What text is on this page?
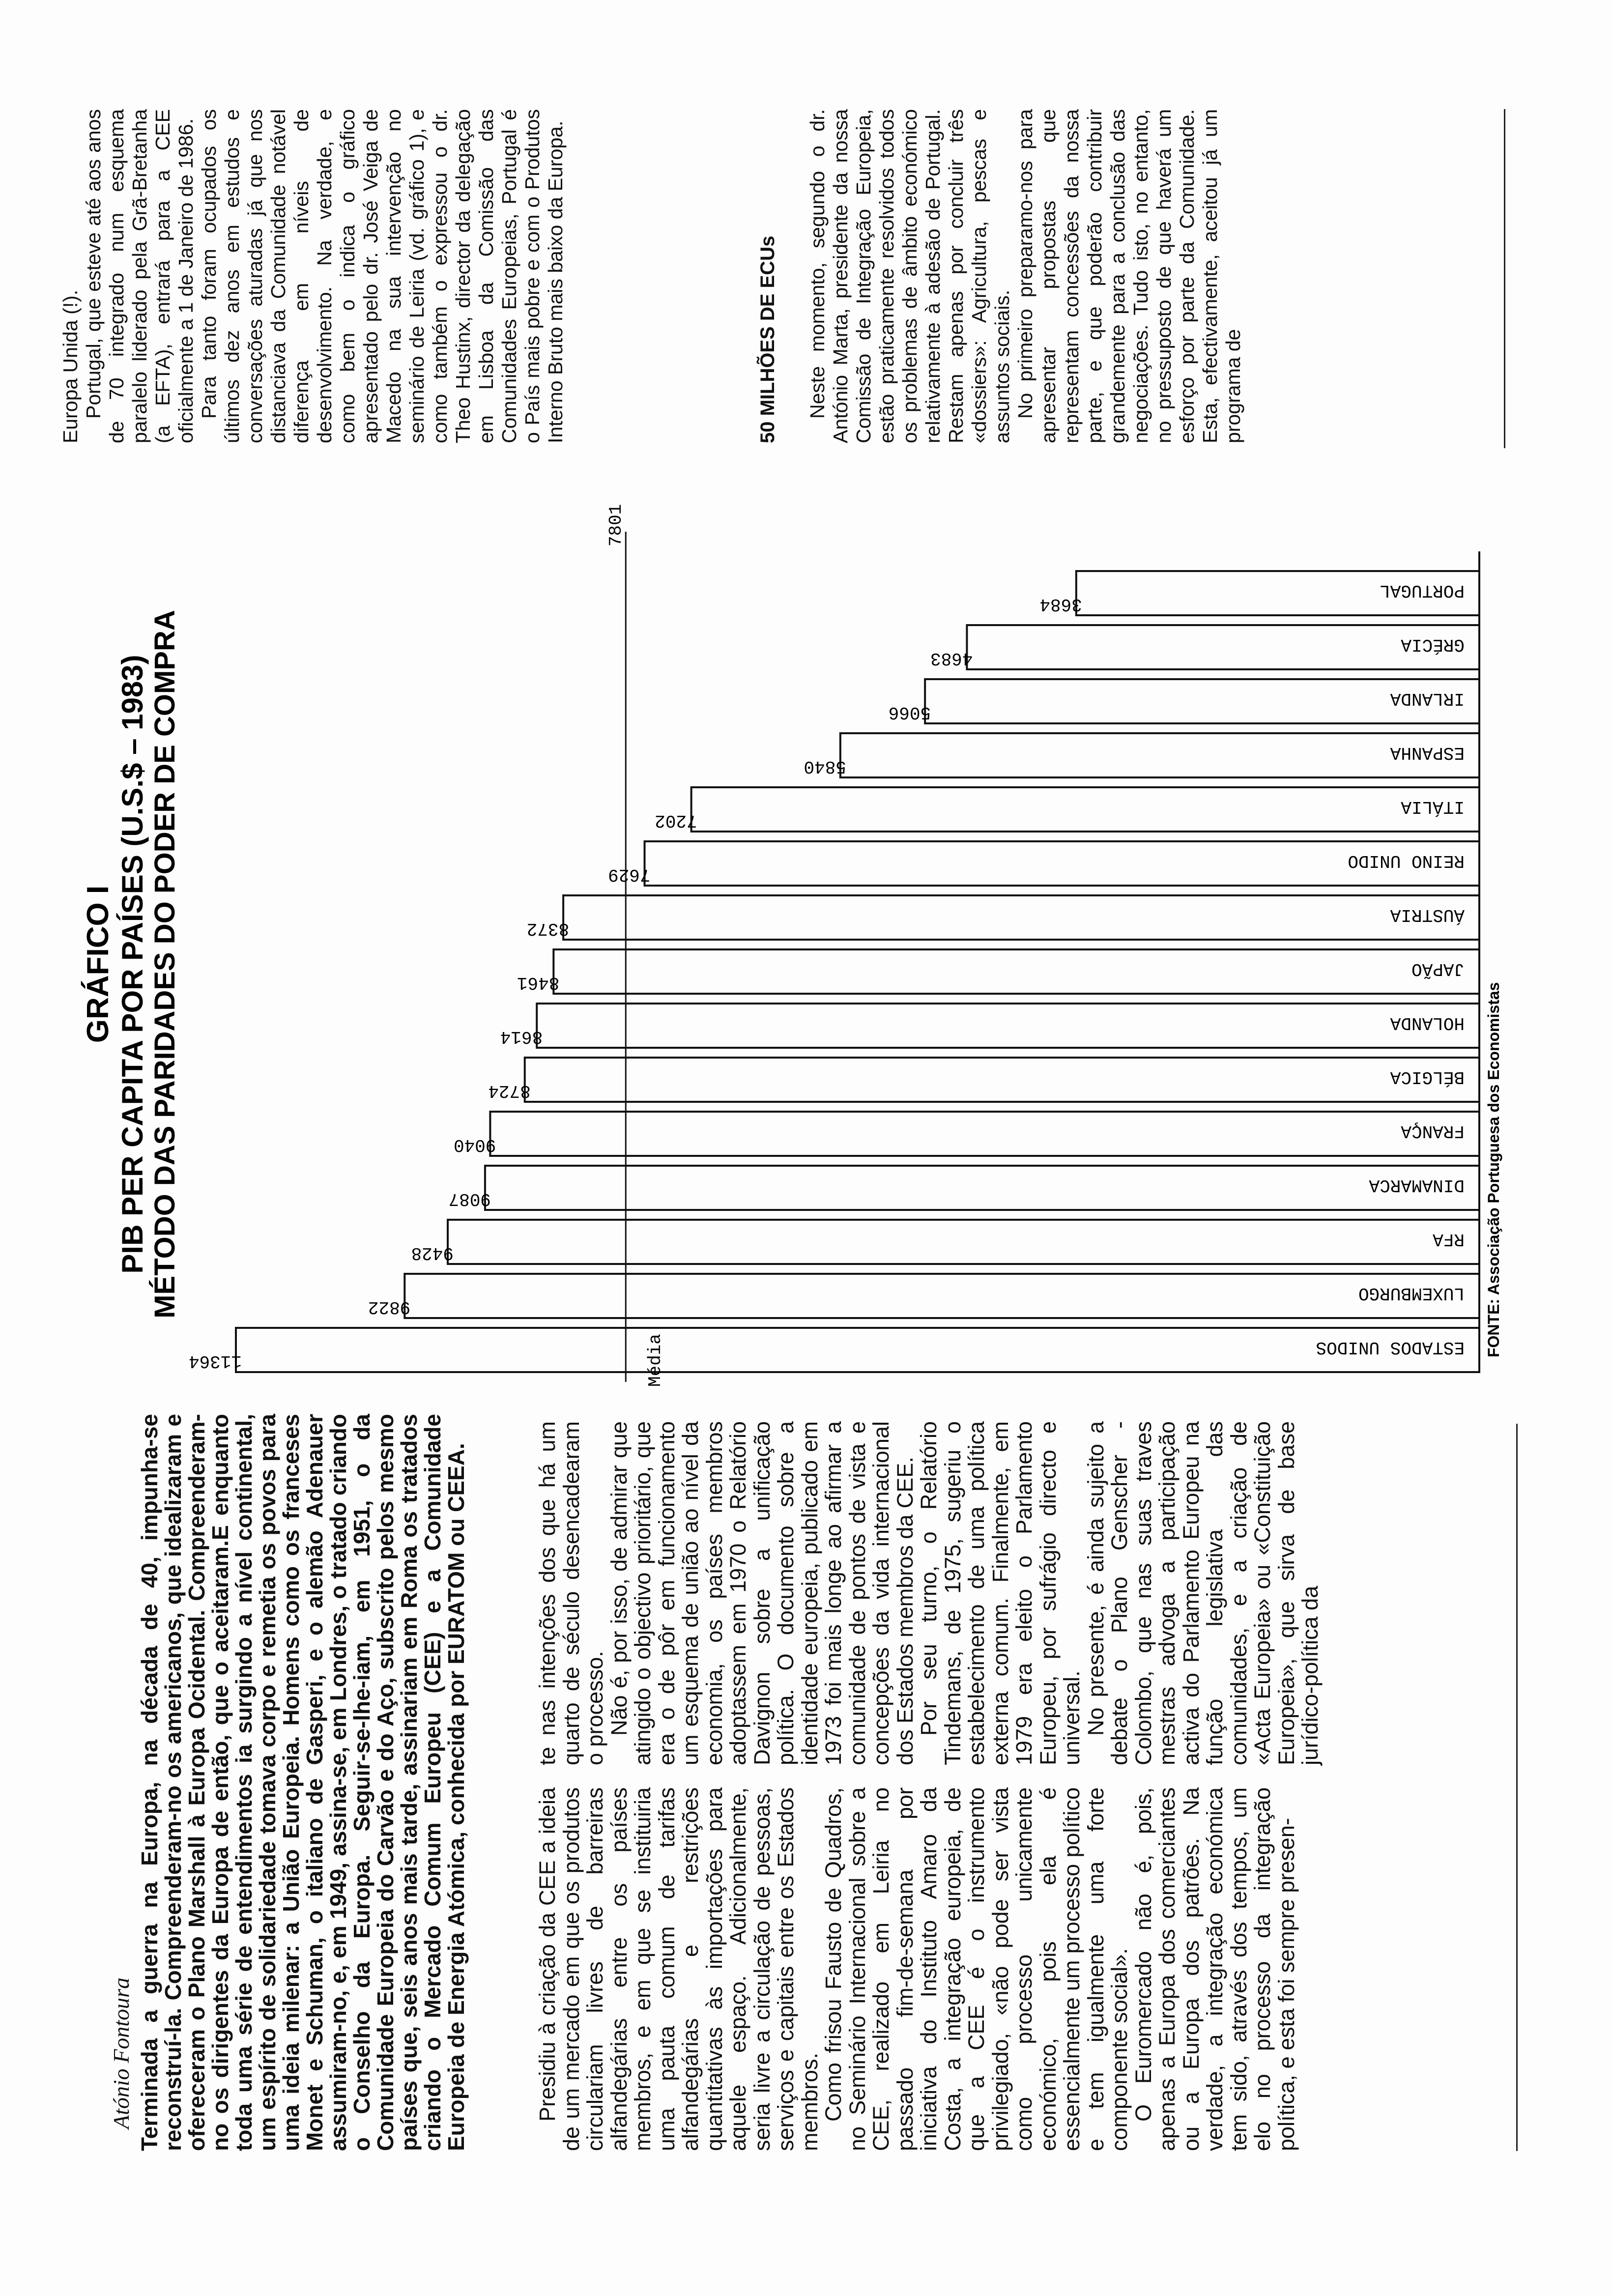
Atónio Fontoura Terminada a guerra na Europa, na década de 40, impunha-se reconstruí-la. Compreenderam-no os americanos, que idealizaram e ofereceram o Plano Marshall à Europa Ocidental. Compreenderam-no os dirigentes da Europa de então, que o aceitaram.E enquanto toda uma série de entendimentos ia surgindo a nível continental, um espírito de solidariedade tomava corpo e remetia os povos para uma ideia milenar: a União Europeia. Homens como os franceses Monet e Schuman, o italiano de Gasperi, e o alemão Adenauer assumiram-no, e, em 1949, assina-se, em Londres, o tratado criando o Conselho da Europa. Seguir-se-lhe-iam, em 1951, o da Comunidade Europeia do Carvão e do Aço, subscrito pelos mesmo países que, seis anos mais tarde, assinariam em Roma os tratados criando o Mercado Comum Europeu (CEE) e a Comunidade Europeia de Energia Atómica, conhecida por EURATOM ou CEEA.	Presidiu à criação da CEE a ideia de um mercado em que os produtos circulariam livres de barreiras alfandegárias entre os países membros, e em que se instituiria uma pauta comum de tarifas alfandegárias e restrições quantitativas às importações para aquele espaço. Adicionalmente, seria livre a circulação de pessoas, serviços e capitais entre os Estados membros.

Como frisou Fausto de Quadros, no Seminário Internacional sobre a CEE, realizado em Leiria no passado fim-de-semana por iniciativa do Instituto Amaro da Costa, a integração europeia, de que a CEE é o instrumento privilegiado, «não pode ser vista como processo unicamente económico, pois ela é essencialmente um processo político e tem igualmente uma forte componente social».

O Euromercado não é, pois, apenas a Europa dos comerciantes ou a Europa dos patrões. Na verdade, a integração económica tem sido, através dos tempos, um elo no processo da integração política, e esta foi sempre presen-

te nas intenções dos que há um quarto de século desencadearam o processo.

Não é, por isso, de admirar que atingido o objectivo prioritário, que era o de pôr em funcionamento um esquema de união ao nível da economia, os países membros adoptassem em 1970 o Relatório Davignon sobre a unificação política. O documento sobre a identidade europeia, publicado em 1973 foi mais longe ao afirmar a comunidade de pontos de vista e concepções da vida internacional dos Estados membros da CEE.

Por seu turno, o Relatório Tindemans, de 1975, sugeriu o estabelecimento de uma política externa comum. Finalmente, em 1979 era eleito o Parlamento Europeu, por sufrágio directo e universal.

No presente, é ainda sujeito a debate o Plano Genscher - Colombo, que nas suas traves mestras advoga a participação activa do Parlamento Europeu na função legislativa das comunidades, e a criação de «Acta Europeia» ou «Constituição Europeia», que sirva de base jurídico-política da

GRÁFICO I PIB PER CAPITA POR PAÍSES (U.S.$ – 1983) MÉTODO DAS PARIDADES DO PODER DE COMPRA
11364
ESTADOS UNIDOS
9822
LUXEMBURGO
9428
RFA
9087
DINAMARCA
9040
FRANÇA
8724
BÉLGICA
8614
HOLANDA
8461
JAPÃO
8372
ÁUSTRIA
7629
REINO UNIDO
7202
ITÁLIA
5840
ESPANHA
5066
IRLANDA
4683
GRÉCIA
3684
PORTUGAL
Média
7801
FONTE: Associação Portuguesa dos Economistas

Europa Unida (!). Portugal, que esteve até aos anos de 70 integrado num esquema paralelo liderado pela Grã-Bretanha (a EFTA), entrará para a CEE oficialmente a 1 de Janeiro de 1986. Para tanto foram ocupados os últimos dez anos em estudos e conversações aturadas já que nos distanciava da Comunidade notável diferença em níveis de desenvolvimento. Na verdade, e como bem o indica o gráfico apresentado pelo dr. José Veiga de Macedo na sua intervenção no seminário de Leiria (vd. gráfico 1), e como também o expressou o dr. Theo Hustinx, director da delegação em Lisboa da Comissão das Comunidades Europeias, Portugal é o País mais pobre e com o Produtos Interno Bruto mais baixo da Europa.	50 MILHÕES DE ECUs Neste momento, segundo o dr. António Marta, presidente da nossa Comissão de Integração Europeia, estão praticamente resolvidos todos os problemas de âmbito económico relativamente à adesão de Portugal. Restam apenas por concluir três «dossiers»: Agricultura, pescas e assuntos sociais. No primeiro preparamo-nos para apresentar propostas que representam concessões da nossa parte, e que poderão contribuir grandemente para a conclusão das negociações. Tudo isto, no entanto, no pressuposto de que haverá um esforço por parte da Comunidade. Esta, efectivamente, aceitou já um programa de
